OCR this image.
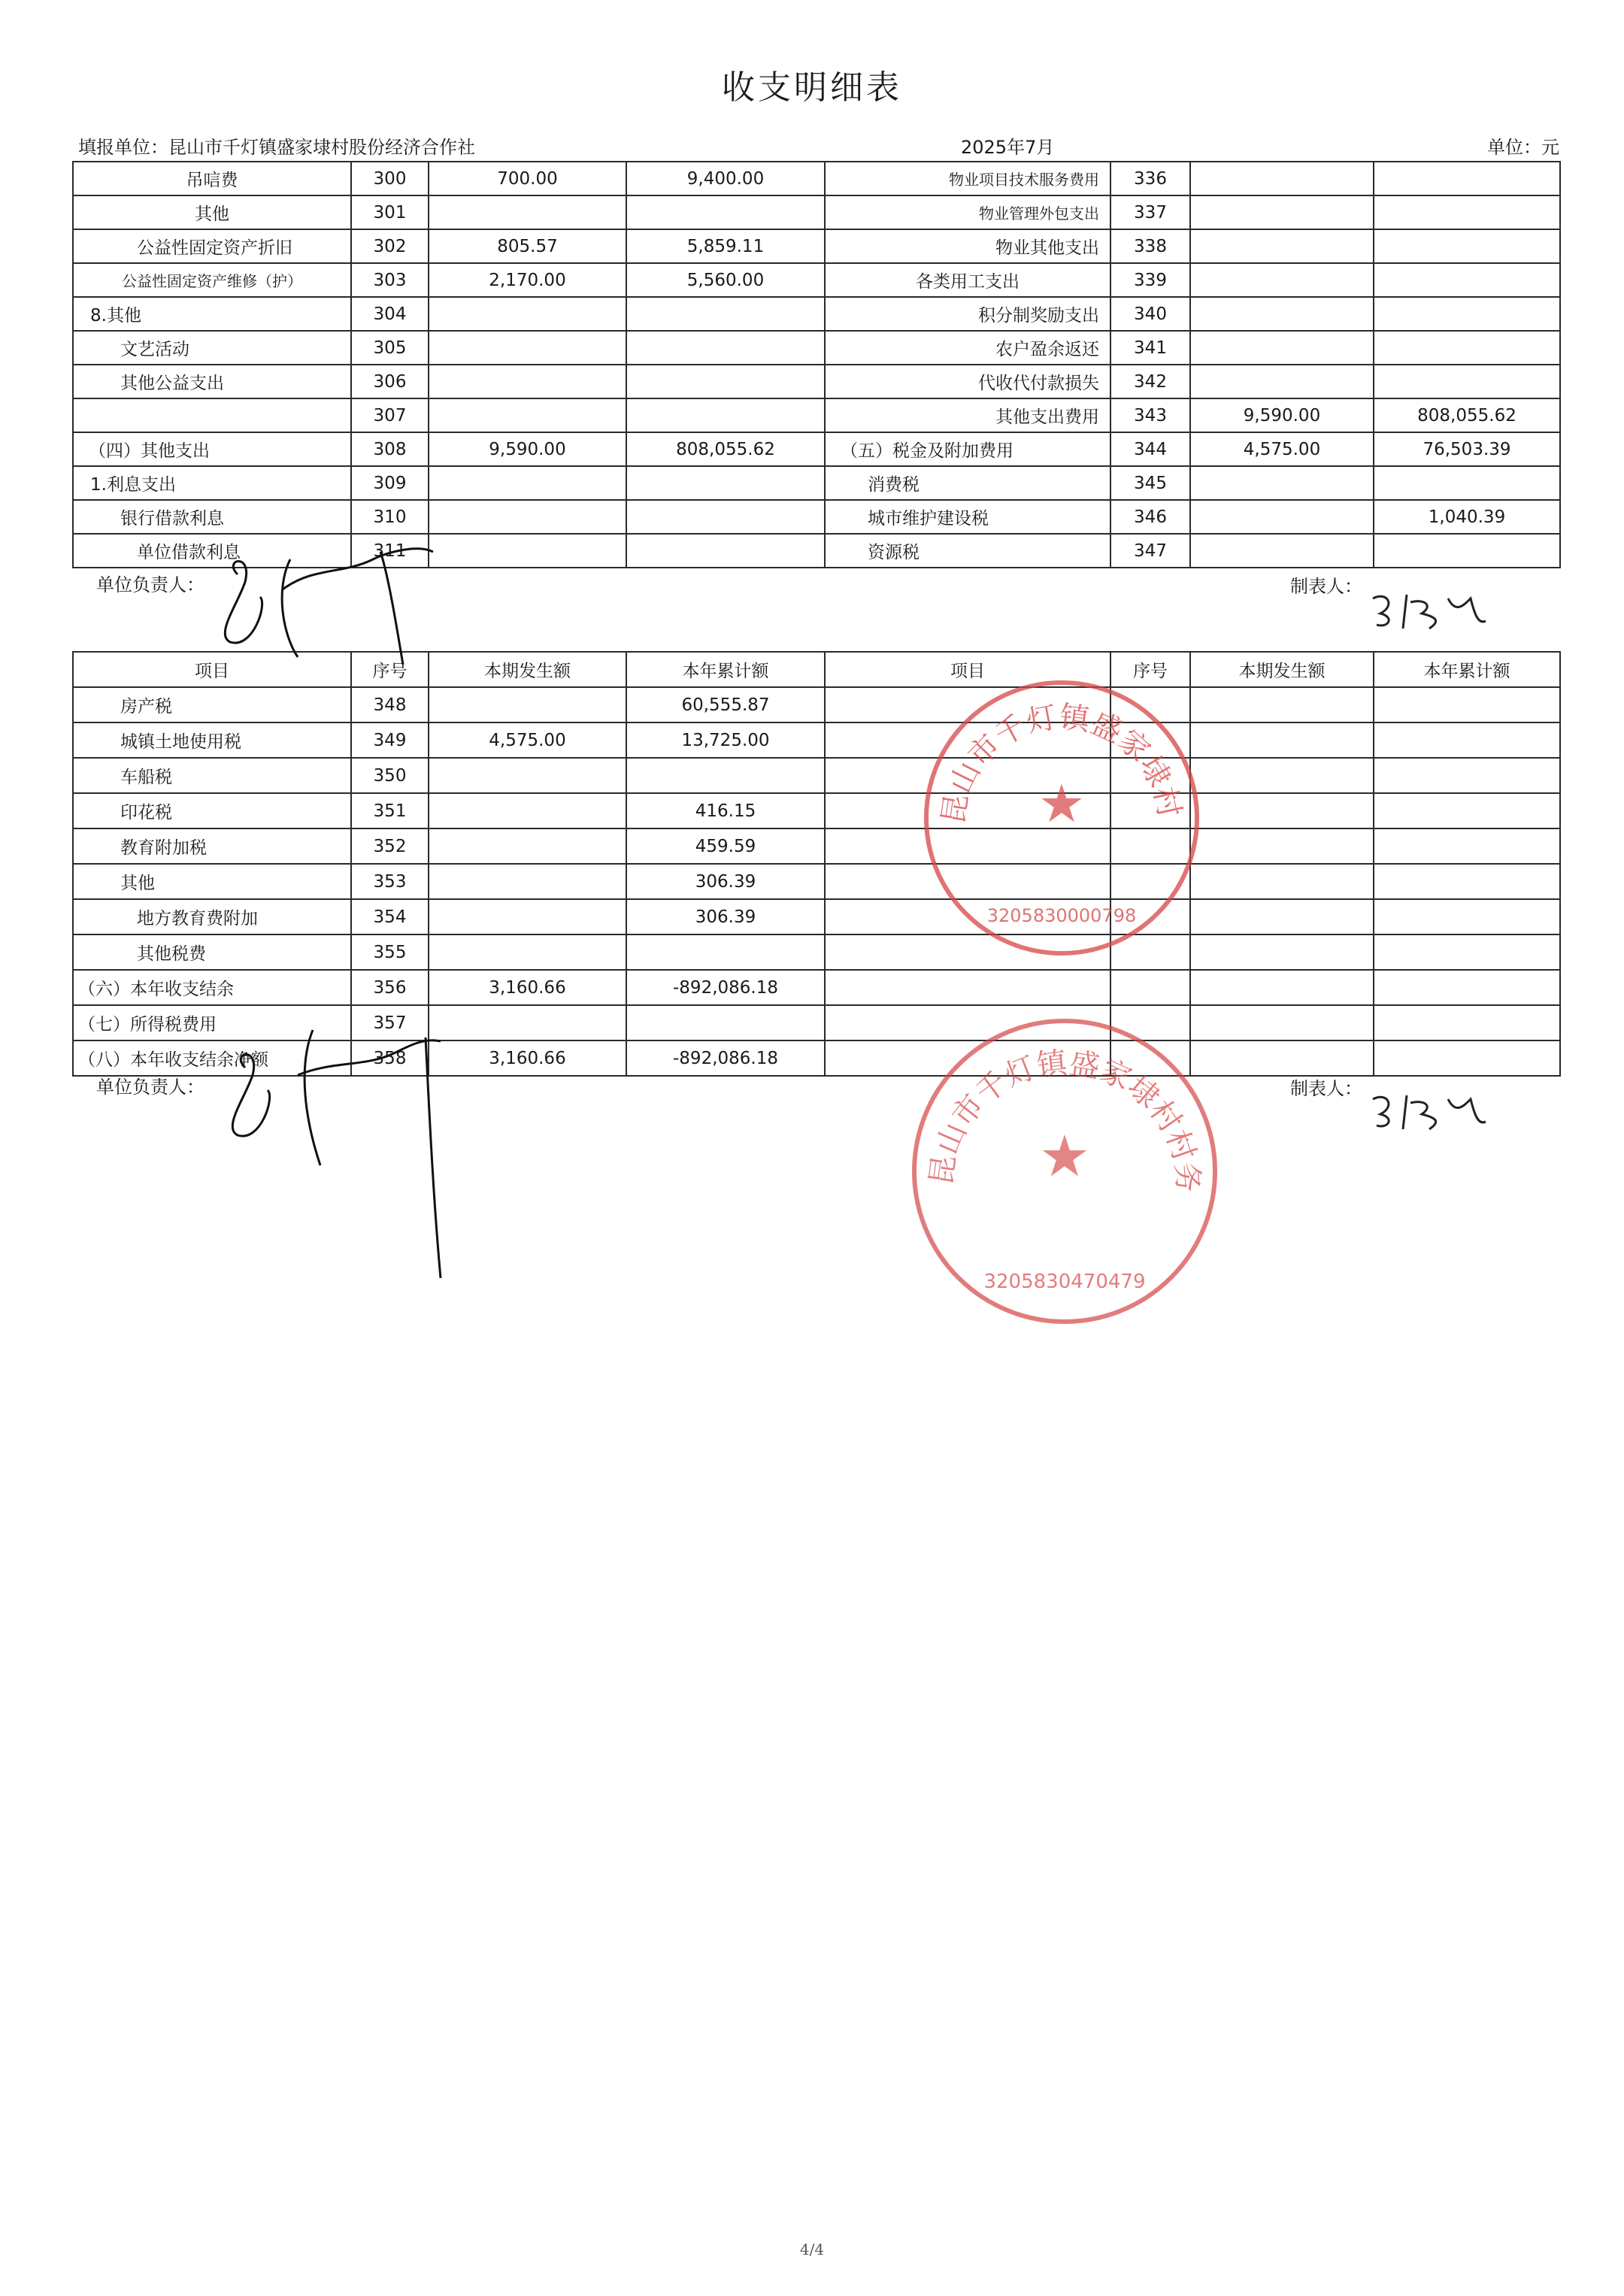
收支明细表
填报单位：昆山市千灯镇盛家埭村股份经济合作社	2025年7月	单位：元
吊唁费	300	700.00	9,400.00	物业项目技术服务费用	336		
其他	301			物业管理外包支出	337		
公益性固定资产折旧	302	805.57	5,859.11	物业其他支出	338		
公益性固定资产维修（护）	303	2,170.00	5,560.00	各类用工支出	339		
8.其他	304			积分制奖励支出	340		
文艺活动	305			农户盈余返还	341		
其他公益支出	306			代收代付款损失	342		
	307			其他支出费用	343	9,590.00	808,055.62
（四）其他支出	308	9,590.00	808,055.62	（五）税金及附加费用	344	4,575.00	76,503.39
1.利息支出	309			消费税	345		
银行借款利息	310			城市维护建设税	346		1,040.39
单位借款利息	311			资源税	347		
单位负责人：	制表人：
项目	序号	本期发生额	本年累计额	项目	序号	本期发生额	本年累计额
房产税	348		60,555.87				
城镇土地使用税	349	4,575.00	13,725.00				
车船税	350						
印花税	351		416.15				
教育附加税	352		459.59				
其他	353		306.39				
地方教育费附加	354		306.39				
其他税费	355						
（六）本年收支结余	356	3,160.66	-892,086.18				
（七）所得税费用	357						
（八）本年收支结余净额	358	3,160.66	-892,086.18				
单位负责人：	制表人：
昆山市千灯镇盛家埭村股份经济合作社
★
3205830000798
昆山市千灯镇盛家埭村村务监督委员会
★
3205830470479
4/4
